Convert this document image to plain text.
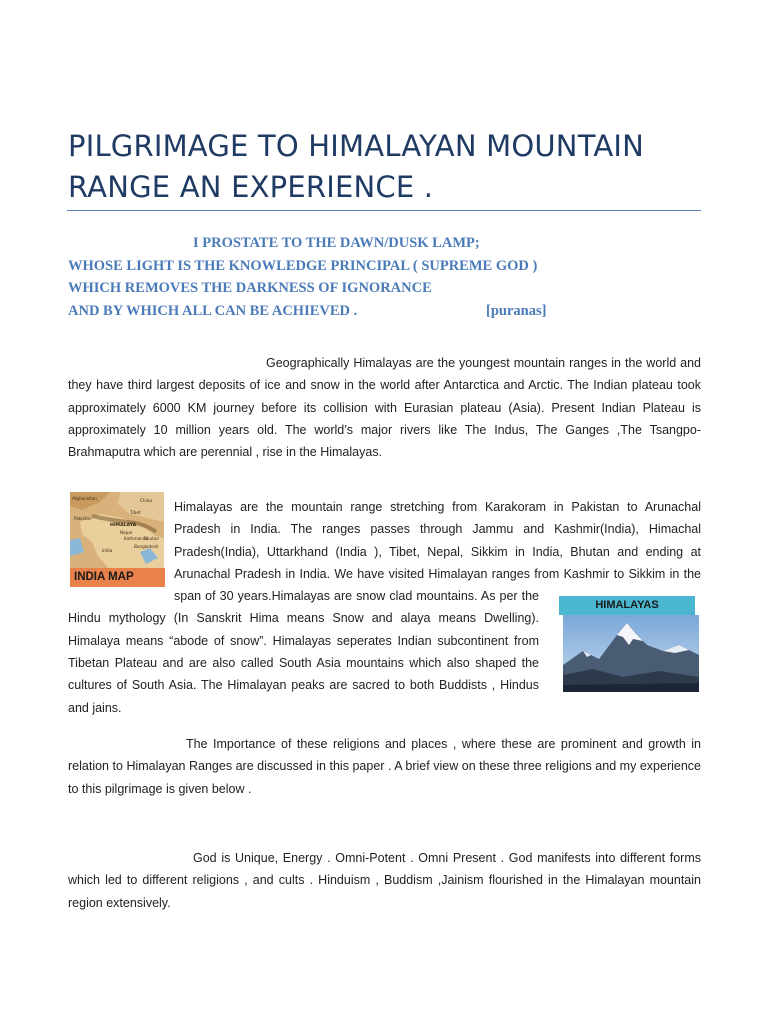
PILGRIMAGE TO HIMALAYAN MOUNTAIN
RANGE AN EXPERIENCE .
I PROSTATE TO THE DAWN/DUSK LAMP;
WHOSE LIGHT IS THE KNOWLEDGE PRINCIPAL ( SUPREME GOD )
WHICH REMOVES THE DARKNESS OF IGNORANCE
AND BY WHICH ALL CAN BE ACHIEVED .	[puranas]

Geographically Himalayas are the youngest mountain ranges in the world and they have third largest deposits of ice and snow in the world after Antarctica and Arctic. The Indian plateau took approximately 6000 KM journey before its collision with Eurasian plateau (Asia). Present Indian Plateau is approximately 10 million years old. The world’s major rivers like The Indus, The Ganges ,The Tsangpo-Brahmaputra which are perennial , rise in the Himalayas.

Afghanistan	China
Pakistan
Tibet
HIMALAYA
Nepal
Kathmandu
Bhutan
Bangladesh
India
INDIA MAP
HIMALAYAS
Himalayas are the mountain range stretching from Karakoram in Pakistan to Arunachal Pradesh in India. The ranges passes through Jammu and Kashmir(India), Himachal Pradesh(India), Uttarkhand (India ), Tibet, Nepal, Sikkim in India, Bhutan and ending at Arunachal Pradesh in India. We have visited Himalayan ranges from Kashmir to Sikkim in the span of 30 years.Himalayas are snow clad mountains. As per the Hindu mythology (In Sanskrit Hima means Snow and alaya means Dwelling). Himalaya means “abode of snow”. Himalayas seperates Indian subcontinent from Tibetan Plateau and are also called South Asia mountains which also shaped the cultures of South Asia. The Himalayan peaks are sacred to both Buddists , Hindus and jains.

The Importance of these religions and places , where these are prominent and growth in relation to Himalayan Ranges are discussed in this paper . A brief view on these three religions and my experience to this pilgrimage is given below .

God is Unique, Energy . Omni-Potent . Omni Present . God manifests into different forms which led to different religions , and cults . Hinduism , Buddism ,Jainism flourished in the Himalayan mountain region extensively.
